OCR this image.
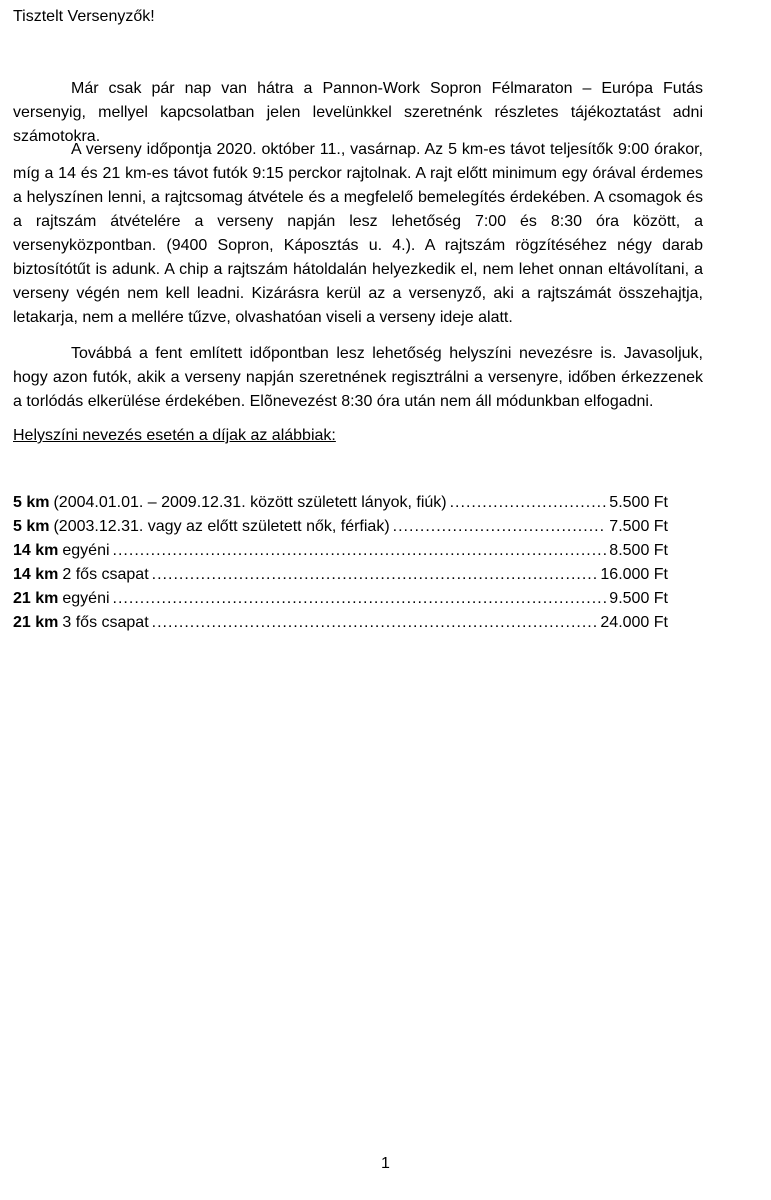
Tisztelt Versenyzők!

Már csak pár nap van hátra a Pannon-Work Sopron Félmaraton – Európa Futás versenyig, mellyel kapcsolatban jelen levelünkkel szeretnénk részletes tájékoztatást adni számotokra.

A verseny időpontja 2020. október 11., vasárnap. Az 5 km-es távot teljesítők 9:00 órakor, míg a 14 és 21 km-es távot futók 9:15 perckor rajtolnak. A rajt előtt minimum egy órával érdemes a helyszínen lenni, a rajtcsomag átvétele és a megfelelő bemelegítés érdekében. A csomagok és a rajtszám átvételére a verseny napján lesz lehetőség 7:00 és 8:30 óra között, a versenyközpontban. (9400 Sopron, Káposztás u. 4.). A rajtszám rögzítéséhez négy darab biztosítótűt is adunk. A chip a rajtszám hátoldalán helyezkedik el, nem lehet onnan eltávolítani, a verseny végén nem kell leadni. Kizárásra kerül az a versenyző, aki a rajtszámát összehajtja, letakarja, nem a mellére tűzve, olvashatóan viseli a verseny ideje alatt.

Továbbá a fent említett időpontban lesz lehetőség helyszíni nevezésre is. Javasoljuk, hogy azon futók, akik a verseny napján szeretnének regisztrálni a versenyre, időben érkezzenek a torlódás elkerülése érdekében. Elõnevezést 8:30 óra után nem áll módunkban elfogadni.

Helyszíni nevezés esetén a díjak az alábbiak:

5 km (2004.01.01. – 2009.12.31. között született lányok, fiúk) .....	5.500 Ft
5 km (2003.12.31. vagy az előtt született nők, férfiak) .....	7.500 Ft
14 km egyéni .....	8.500 Ft
14 km 2 fős csapat .....	16.000 Ft
21 km egyéni .....	9.500 Ft
21 km 3 fős csapat .....	24.000 Ft

1
